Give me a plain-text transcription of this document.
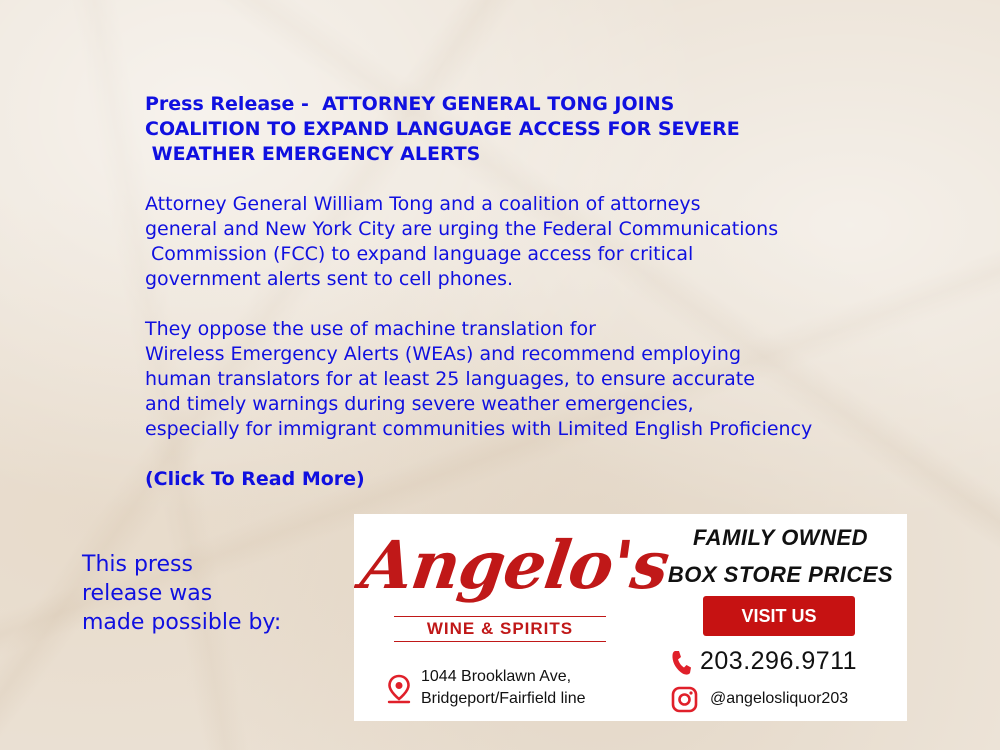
Press Release -  ATTORNEY GENERAL TONG JOINS
COALITION TO EXPAND LANGUAGE ACCESS FOR SEVERE
WEATHER EMERGENCY ALERTS

Attorney General William Tong and a coalition of attorneys
general and New York City are urging the Federal Communications
Commission (FCC) to expand language access for critical
government alerts sent to cell phones.

They oppose the use of machine translation for
Wireless Emergency Alerts (WEAs) and recommend employing
human translators for at least 25 languages, to ensure accurate
and timely warnings during severe weather emergencies,
especially for immigrant communities with Limited English Proficiency

(Click To Read More)
This press
release was
made possible by:
Angelo's
WINE & SPIRITS
FAMILY OWNED
BOX STORE PRICES
VISIT US
1044 Brooklawn Ave,
Bridgeport/Fairfield line
203.296.9711
@angelosliquor203
